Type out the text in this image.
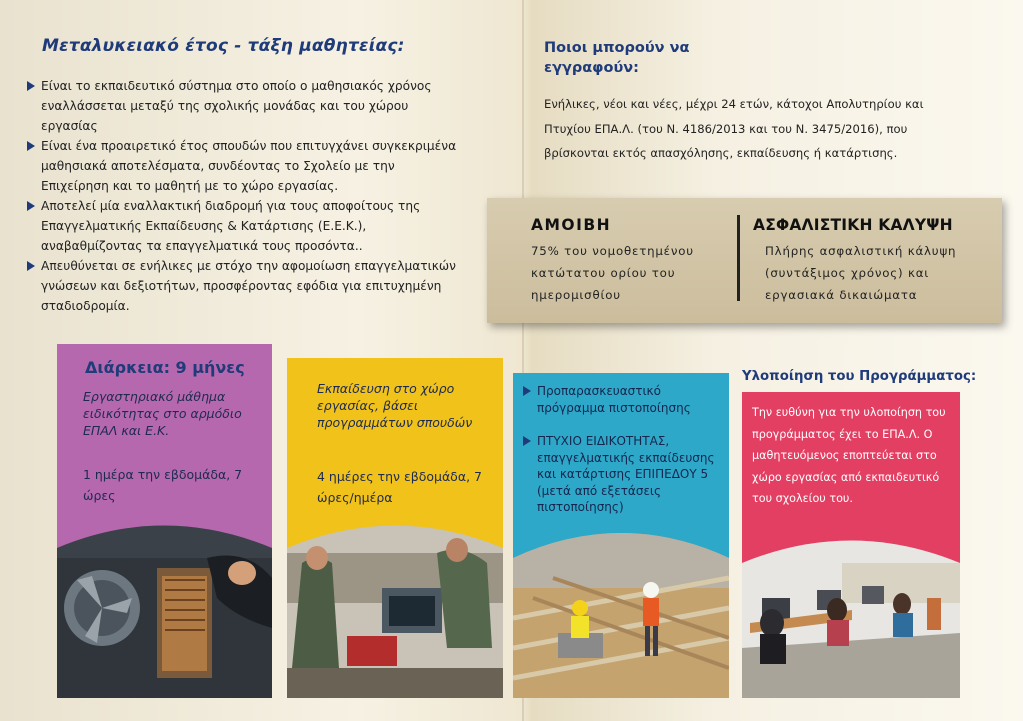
Μεταλυκειακό έτος - τάξη μαθητείας:
Είναι το εκπαιδευτικό σύστημα στο οποίο ο μαθησιακός χρόνος εναλλάσσεται μεταξύ της σχολικής μονάδας και του χώρου εργασίας
Είναι ένα προαιρετικό έτος σπουδών που επιτυγχάνει συγκεκριμένα μαθησιακά αποτελέσματα, συνδέοντας το Σχολείο με την Επιχείρηση και το μαθητή με το χώρο εργασίας.
Αποτελεί μία εναλλακτική διαδρομή για τους αποφοίτους της Επαγγελματικής Εκπαίδευσης & Κατάρτισης (Ε.Ε.Κ.), αναβαθμίζοντας τα επαγγελματικά τους προσόντα..
Απευθύνεται σε ενήλικες με στόχο την αφομοίωση επαγγελματικών γνώσεων και δεξιοτήτων, προσφέροντας εφόδια για επιτυχημένη σταδιοδρομία.
Ποιοι μπορούν να εγγραφούν:
Ενήλικες, νέοι και νέες, μέχρι 24 ετών, κάτοχοι Απολυτηρίου και Πτυχίου ΕΠΑ.Λ. (του Ν. 4186/2013 και του Ν. 3475/2016), που βρίσκονται εκτός απασχόλησης, εκπαίδευσης ή κατάρτισης.
ΑΜΟΙΒΗ
75% του νομοθετημένου κατώτατου ορίου του ημερομισθίου
ΑΣΦΑΛΙΣΤΙΚΗ ΚΑΛΥΨΗ
Πλήρης ασφαλιστική κάλυψη (συντάξιμος χρόνος) και εργασιακά δικαιώματα
Διάρκεια: 9 μήνες
Εργαστηριακό μάθημα ειδικότητας στο αρμόδιο ΕΠΑΛ και Ε.Κ.
1 ημέρα την εβδομάδα, 7 ώρες
Εκπαίδευση στο χώρο εργασίας, βάσει προγραμμάτων σπουδών
4 ημέρες την εβδομάδα, 7 ώρες/ημέρα
Προπαρασκευαστικό πρόγραμμα πιστοποίησης
ΠΤΥΧΙΟ ΕΙΔΙΚΟΤΗΤΑΣ, επαγγελματικής εκπαίδευσης και κατάρτισης ΕΠΙΠΕΔΟΥ 5 (μετά από εξετάσεις πιστοποίησης)
Υλοποίηση του Προγράμματος:
Την ευθύνη για την υλοποίηση του προγράμματος έχει το ΕΠΑ.Λ. Ο μαθητευόμενος εποπτεύεται στο χώρο εργασίας από εκπαιδευτικό του σχολείου του.
